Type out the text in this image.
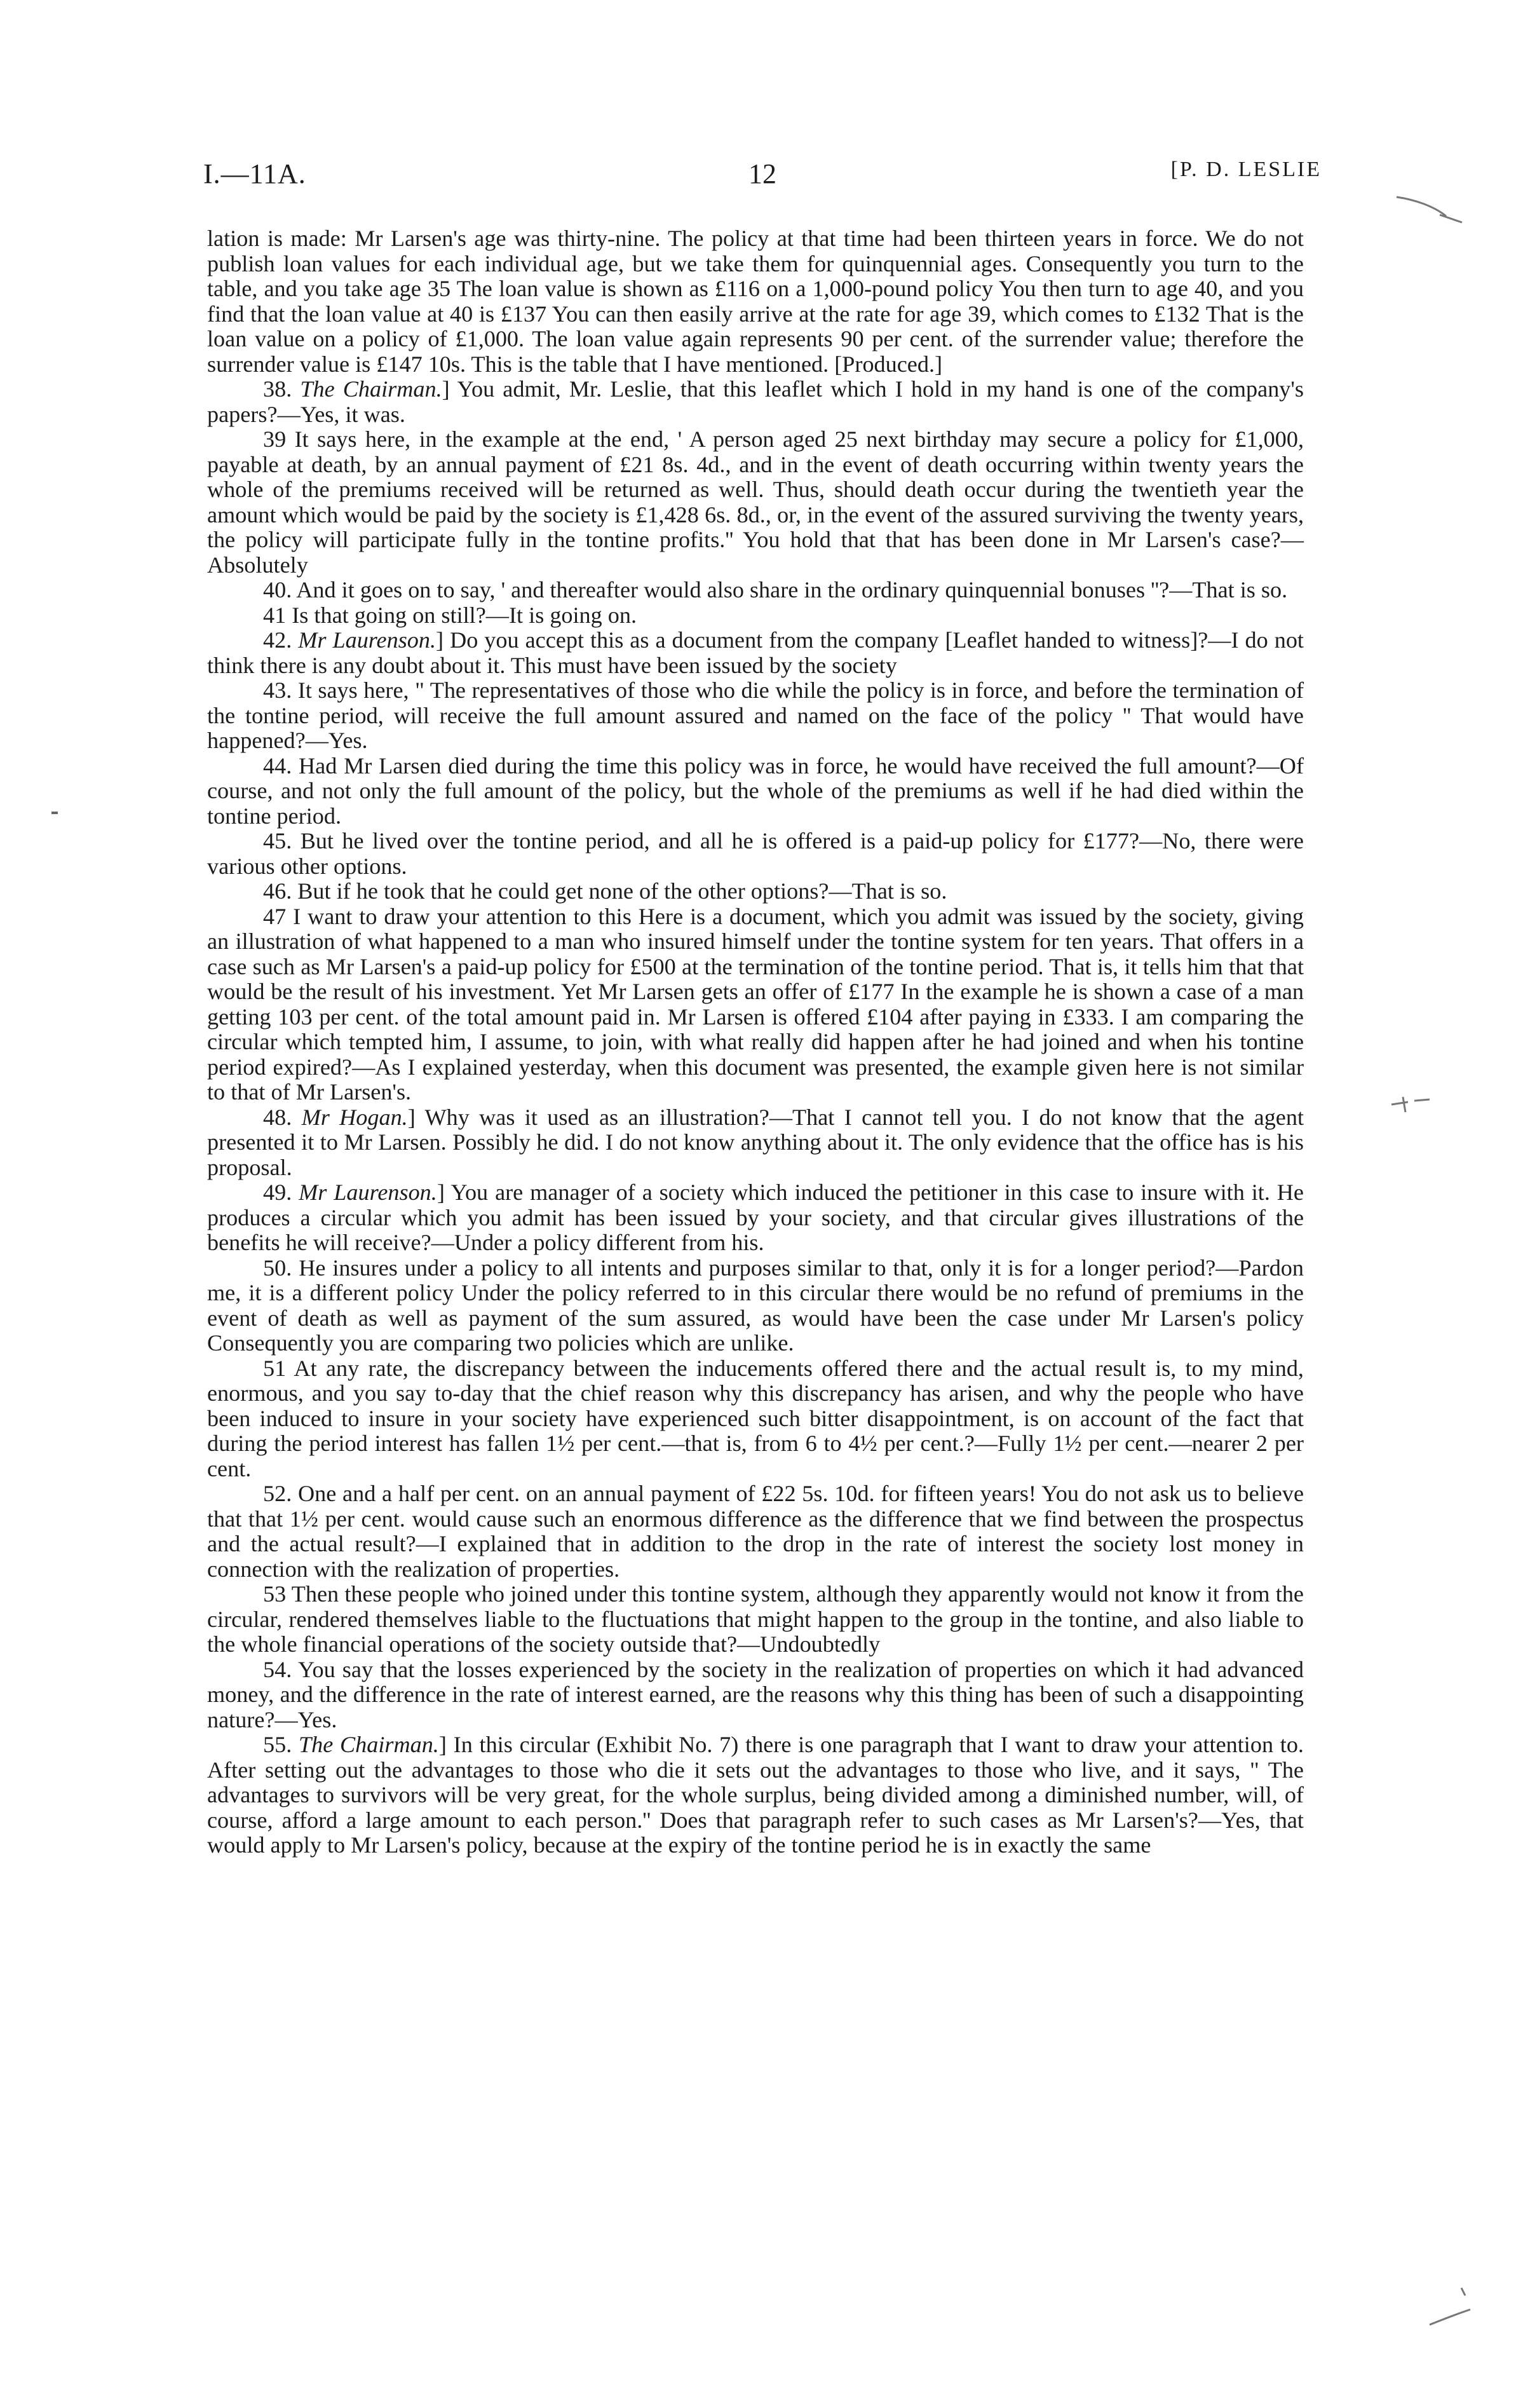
I.—11A.	12	[P. D. LESLIE

lation is made: Mr Larsen's age was thirty-nine. The policy at that time had been thirteen years in force. We do not publish loan values for each individual age, but we take them for quinquennial ages. Consequently you turn to the table, and you take age 35 The loan value is shown as £116 on a 1,000-pound policy You then turn to age 40, and you find that the loan value at 40 is £137 You can then easily arrive at the rate for age 39, which comes to £132 That is the loan value on a policy of £1,000. The loan value again represents 90 per cent. of the surrender value; therefore the surrender value is £147 10s. This is the table that I have mentioned. [Produced.]

38. The Chairman.] You admit, Mr. Leslie, that this leaflet which I hold in my hand is one of the company's papers?—Yes, it was.

39 It says here, in the example at the end, ' A person aged 25 next birthday may secure a policy for £1,000, payable at death, by an annual payment of £21 8s. 4d., and in the event of death occurring within twenty years the whole of the premiums received will be returned as well. Thus, should death occur during the twentieth year the amount which would be paid by the society is £1,428 6s. 8d., or, in the event of the assured surviving the twenty years, the policy will participate fully in the tontine profits.'' You hold that that has been done in Mr Larsen's case?—Absolutely

40. And it goes on to say, ' and thereafter would also share in the ordinary quinquennial bonuses ''?—That is so.

41 Is that going on still?—It is going on.

42. Mr Laurenson.] Do you accept this as a document from the company [Leaflet handed to witness]?—I do not think there is any doubt about it. This must have been issued by the society

43. It says here, " The representatives of those who die while the policy is in force, and before the termination of the tontine period, will receive the full amount assured and named on the face of the policy '' That would have happened?—Yes.

44. Had Mr Larsen died during the time this policy was in force, he would have received the full amount?—Of course, and not only the full amount of the policy, but the whole of the premiums as well if he had died within the tontine period.

45. But he lived over the tontine period, and all he is offered is a paid-up policy for £177?—No, there were various other options.

46. But if he took that he could get none of the other options?—That is so.

47 I want to draw your attention to this Here is a document, which you admit was issued by the society, giving an illustration of what happened to a man who insured himself under the tontine system for ten years. That offers in a case such as Mr Larsen's a paid-up policy for £500 at the termination of the tontine period. That is, it tells him that that would be the result of his investment. Yet Mr Larsen gets an offer of £177 In the example he is shown a case of a man getting 103 per cent. of the total amount paid in. Mr Larsen is offered £104 after paying in £333. I am comparing the circular which tempted him, I assume, to join, with what really did happen after he had joined and when his tontine period expired?—As I explained yesterday, when this document was presented, the example given here is not similar to that of Mr Larsen's.

48. Mr Hogan.] Why was it used as an illustration?—That I cannot tell you. I do not know that the agent presented it to Mr Larsen. Possibly he did. I do not know anything about it. The only evidence that the office has is his proposal.

49. Mr Laurenson.] You are manager of a society which induced the petitioner in this case to insure with it. He produces a circular which you admit has been issued by your society, and that circular gives illustrations of the benefits he will receive?—Under a policy different from his.

50. He insures under a policy to all intents and purposes similar to that, only it is for a longer period?—Pardon me, it is a different policy Under the policy referred to in this circular there would be no refund of premiums in the event of death as well as payment of the sum assured, as would have been the case under Mr Larsen's policy Consequently you are comparing two policies which are unlike.

51 At any rate, the discrepancy between the inducements offered there and the actual result is, to my mind, enormous, and you say to-day that the chief reason why this discrepancy has arisen, and why the people who have been induced to insure in your society have experienced such bitter disappointment, is on account of the fact that during the period interest has fallen 1½ per cent.—that is, from 6 to 4½ per cent.?—Fully 1½ per cent.—nearer 2 per cent.

52. One and a half per cent. on an annual payment of £22 5s. 10d. for fifteen years! You do not ask us to believe that that 1½ per cent. would cause such an enormous difference as the difference that we find between the prospectus and the actual result?—I explained that in addition to the drop in the rate of interest the society lost money in connection with the realization of properties.

53 Then these people who joined under this tontine system, although they apparently would not know it from the circular, rendered themselves liable to the fluctuations that might happen to the group in the tontine, and also liable to the whole financial operations of the society outside that?—Undoubtedly

54. You say that the losses experienced by the society in the realization of properties on which it had advanced money, and the difference in the rate of interest earned, are the reasons why this thing has been of such a disappointing nature?—Yes.

55. The Chairman.] In this circular (Exhibit No. 7) there is one paragraph that I want to draw your attention to. After setting out the advantages to those who die it sets out the advantages to those who live, and it says, " The advantages to survivors will be very great, for the whole surplus, being divided among a diminished number, will, of course, afford a large amount to each person.'' Does that paragraph refer to such cases as Mr Larsen's?—Yes, that would apply to Mr Larsen's policy, because at the expiry of the tontine period he is in exactly the same
